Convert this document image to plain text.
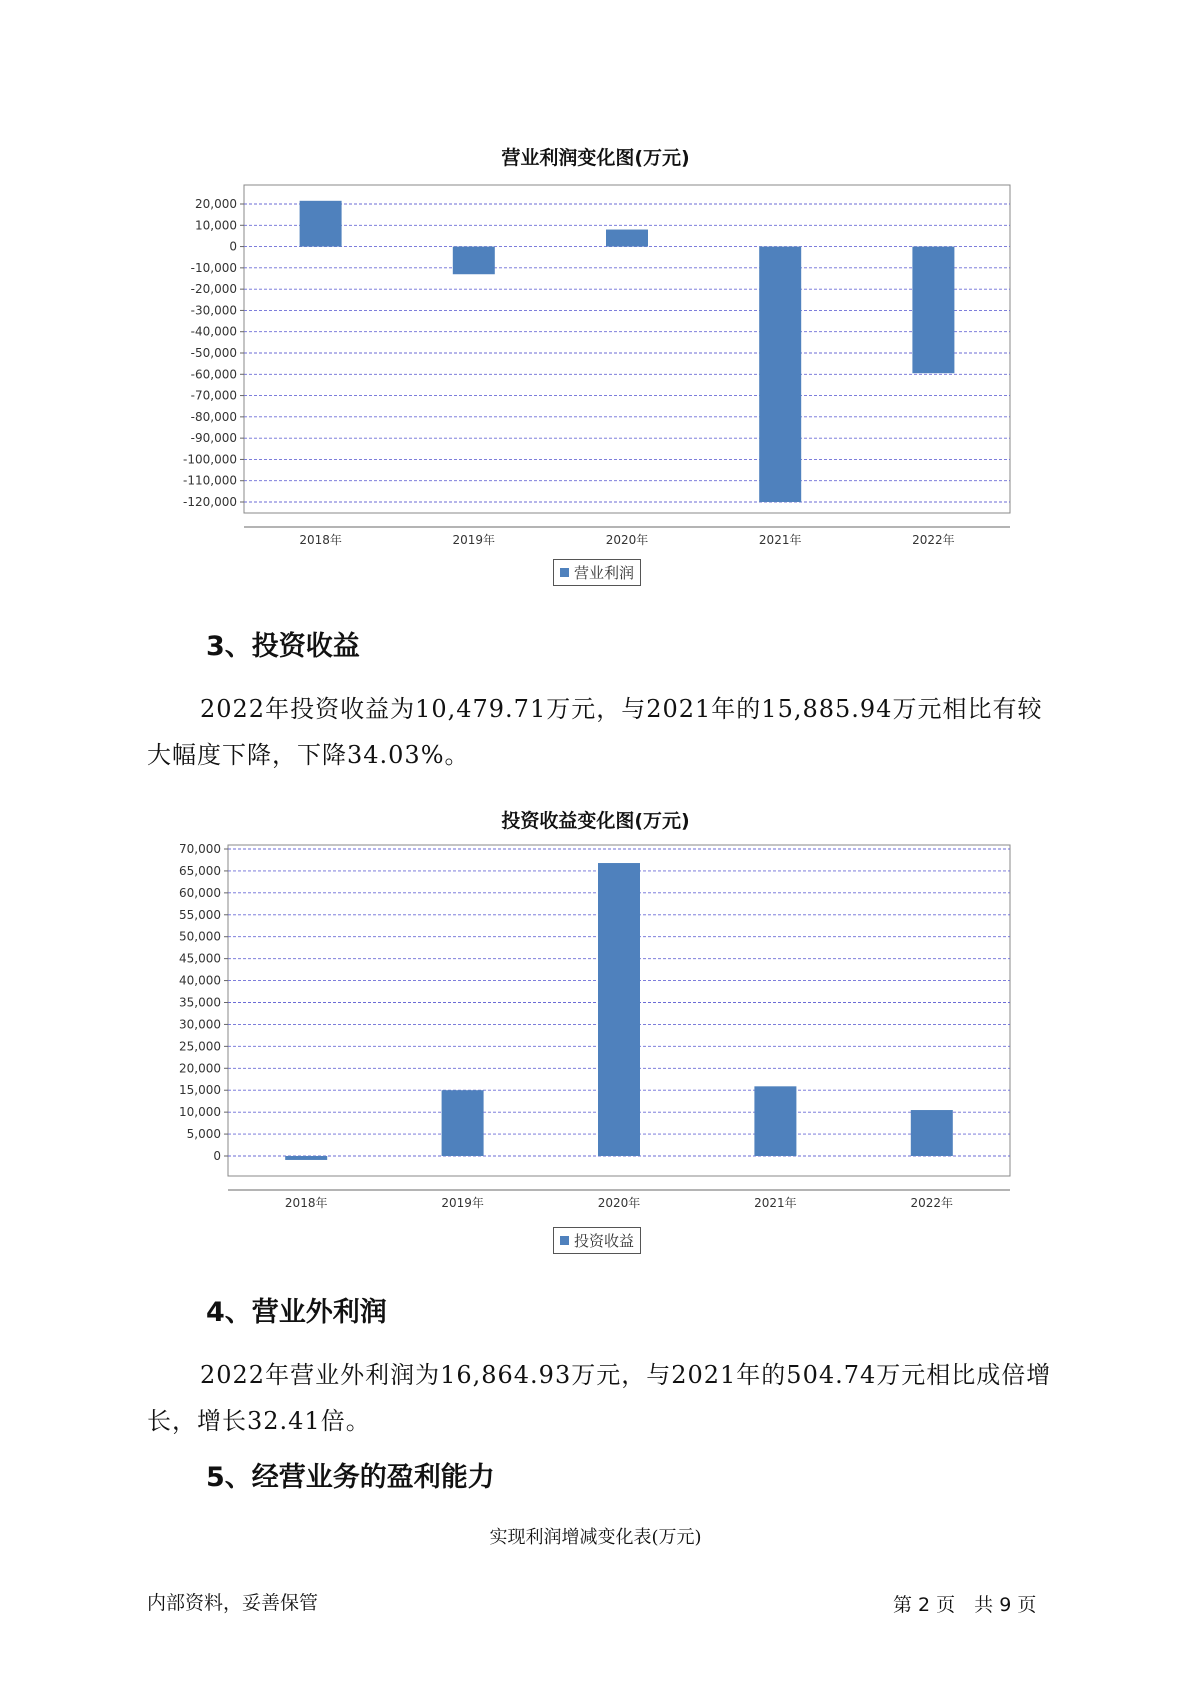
营业利润变化图(万元)
-120,000
-110,000
-100,000
-90,000
-80,000
-70,000
-60,000
-50,000
-40,000
-30,000
-20,000
-10,000
0
10,000
20,000
2018年	2019年	2020年	2021年	2022年
营业利润
3、投资收益

2022年投资收益为10,479.71万元，与2021年的15,885.94万元相比有较大幅度下降，下降34.03%。

投资收益变化图(万元)
0
5,000
10,000
15,000
20,000
25,000
30,000
35,000
40,000
45,000
50,000
55,000
60,000
65,000
70,000
2018年	2019年	2020年	2021年	2022年
投资收益
4、营业外利润

2022年营业外利润为16,864.93万元，与2021年的504.74万元相比成倍增长，增长32.41倍。

5、经营业务的盈利能力
实现利润增减变化表(万元)
内部资料，妥善保管	第 2 页　共 9 页
